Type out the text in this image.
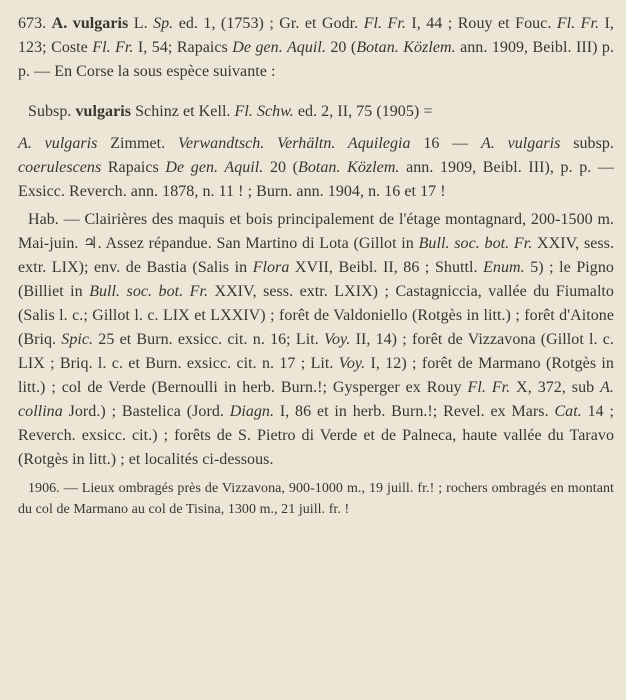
673. A. vulgaris L. Sp. ed. 1, (1753) ; Gr. et Godr. Fl. Fr. I, 44 ; Rouy et Fouc. Fl. Fr. I, 123; Coste Fl. Fr. I, 54; Rapaics De gen. Aquil. 20 (Botan. Közlem. ann. 1909, Beibl. III) p. p. — En Corse la sous espèce suivante :

Subsp. vulgaris Schinz et Kell. Fl. Schw. ed. 2, II, 75 (1905) =

A. vulgaris Zimmet. Verwandtsch. Verhältn. Aquilegia 16 — A. vulgaris subsp. coerulescens Rapaics De gen. Aquil. 20 (Botan. Közlem. ann. 1909, Beibl. III), p. p. — Exsicc. Reverch. ann. 1878, n. 11 ! ; Burn. ann. 1904, n. 16 et 17 !

Hab. — Clairières des maquis et bois principalement de l'étage montagnard, 200-1500 m. Mai-juin. ♃. Assez répandue. San Martino di Lota (Gillot in Bull. soc. bot. Fr. XXIV, sess. extr. LIX); env. de Bastia (Salis in Flora XVII, Beibl. II, 86 ; Shuttl. Enum. 5) ; le Pigno (Billiet in Bull. soc. bot. Fr. XXIV, sess. extr. LXIX) ; Castagniccia, vallée du Fiumalto (Salis l. c.; Gillot l. c. LIX et LXXIV) ; forêt de Valdoniello (Rotgès in litt.) ; forêt d'Aitone (Briq. Spic. 25 et Burn. exsicc. cit. n. 16; Lit. Voy. II, 14) ; forêt de Vizzavona (Gillot l. c. LIX ; Briq. l. c. et Burn. exsicc. cit. n. 17 ; Lit. Voy. I, 12) ; forêt de Marmano (Rotgès in litt.) ; col de Verde (Bernoulli in herb. Burn.!; Gysperger ex Rouy Fl. Fr. X, 372, sub A. collina Jord.) ; Bastelica (Jord. Diagn. I, 86 et in herb. Burn.!; Revel. ex Mars. Cat. 14 ; Reverch. exsicc. cit.) ; forêts de S. Pietro di Verde et de Palneca, haute vallée du Taravo (Rotgès in litt.) ; et localités ci-dessous.

1906. — Lieux ombragés près de Vizzavona, 900-1000 m., 19 juill. fr.! ; rochers ombragés en montant du col de Marmano au col de Tisina, 1300 m., 21 juill. fr. !
